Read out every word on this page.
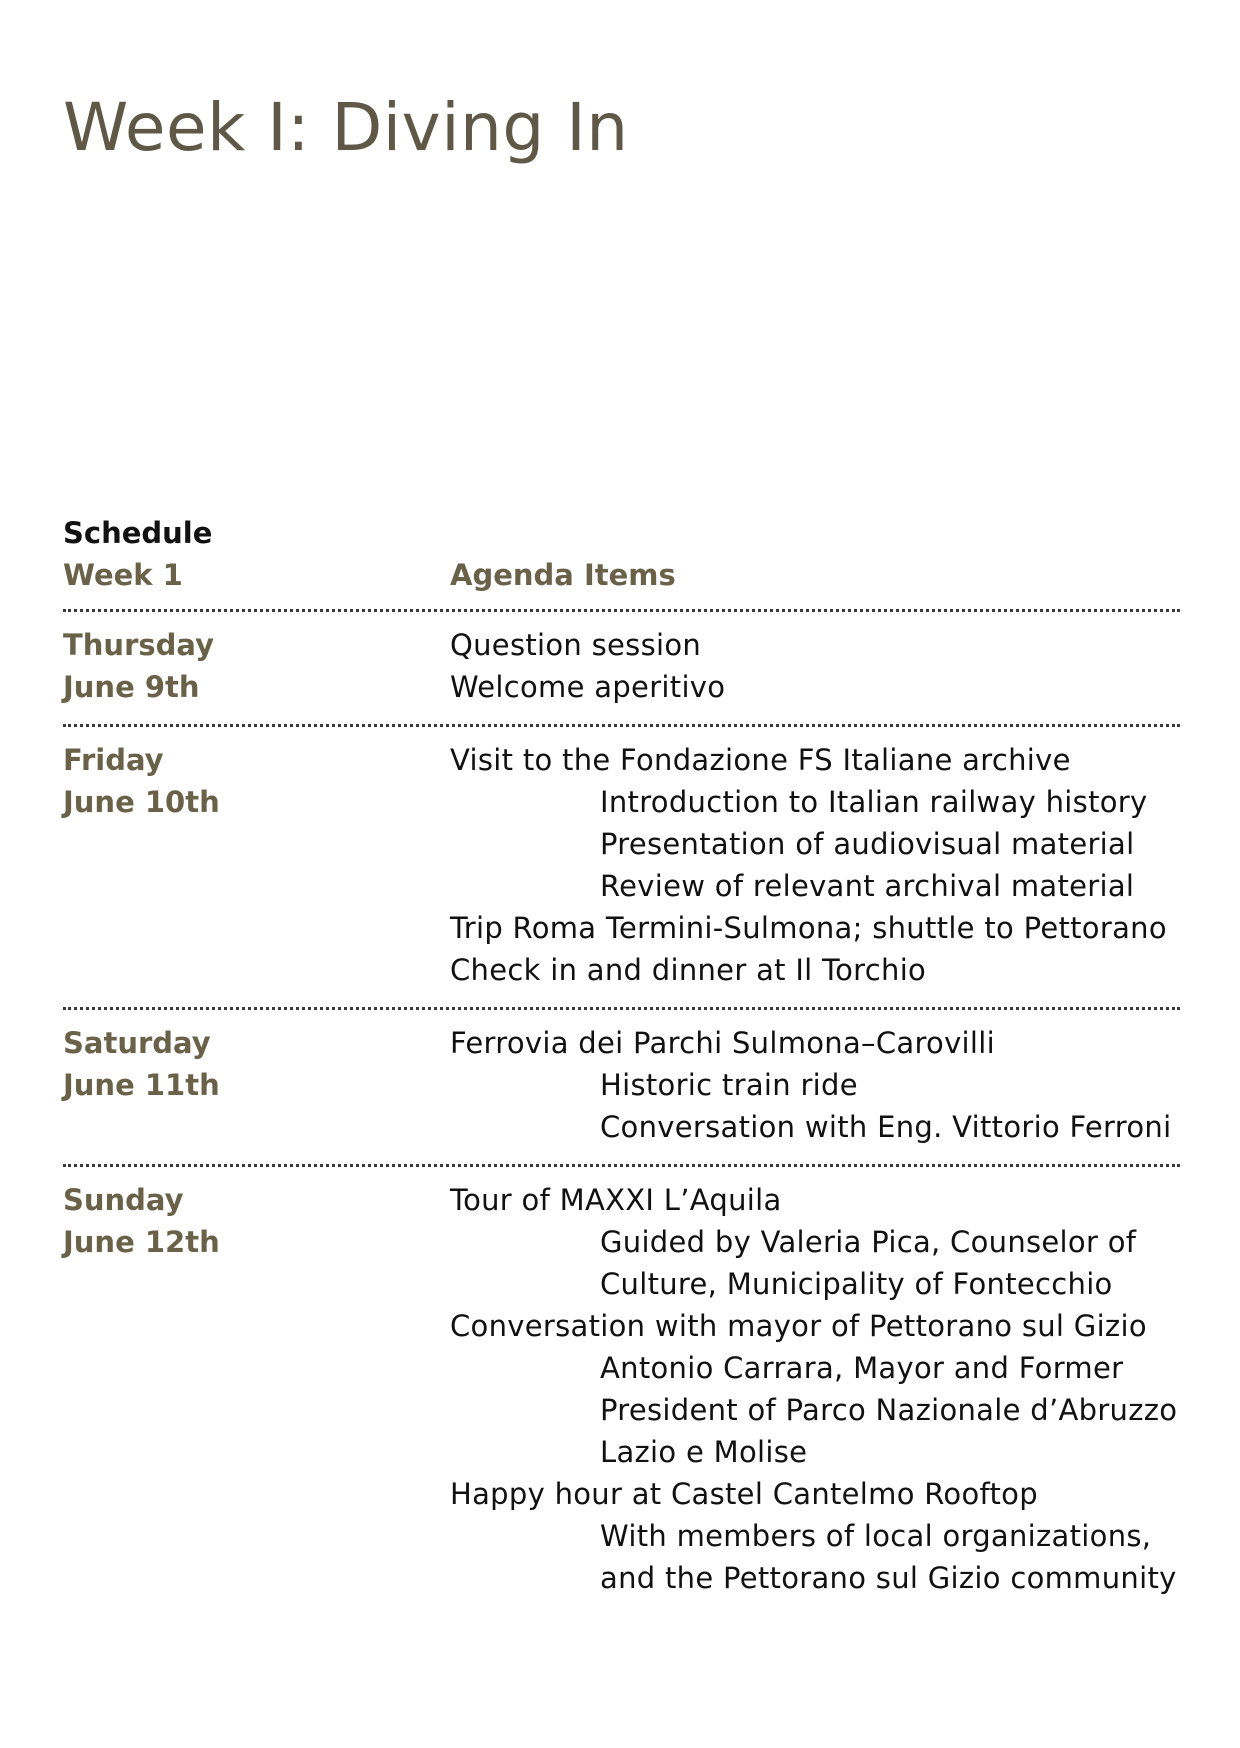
Week I: Diving In
Schedule
Week 1	Agenda Items
Thursday
June 9th
Question session
Welcome aperitivo
Friday
June 10th
Visit to the Fondazione FS Italiane archive
Introduction to Italian railway history
Presentation of audiovisual material
Review of relevant archival material
Trip Roma Termini-Sulmona; shuttle to Pettorano
Check in and dinner at Il Torchio
Saturday
June 11th
Ferrovia dei Parchi Sulmona–Carovilli
Historic train ride
Conversation with Eng. Vittorio Ferroni
Sunday
June 12th
Tour of MAXXI L’Aquila
Guided by Valeria Pica, Counselor of
Culture, Municipality of Fontecchio
Conversation with mayor of Pettorano sul Gizio
Antonio Carrara, Mayor and Former
President of Parco Nazionale d’Abruzzo
Lazio e Molise
Happy hour at Castel Cantelmo Rooftop
With members of local organizations,
and the Pettorano sul Gizio community
